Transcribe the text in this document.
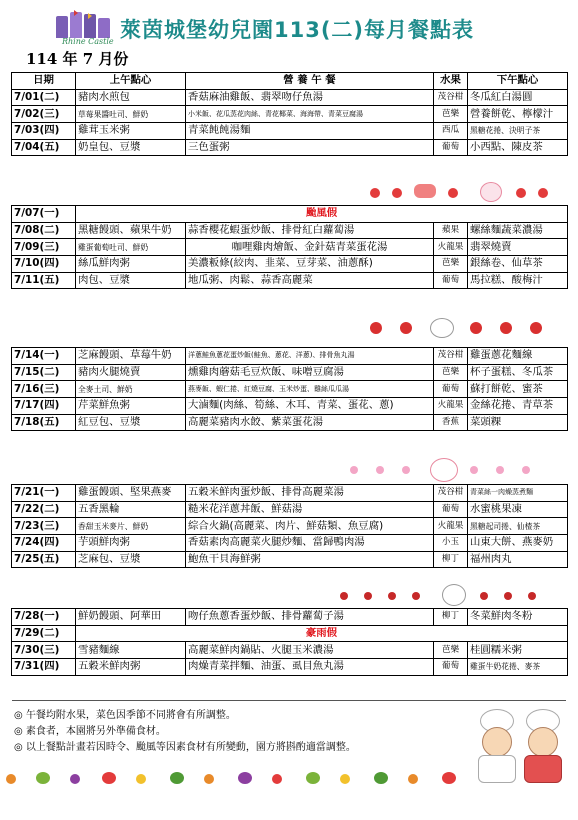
Rhine Castle 萊茵城堡幼兒園113(二)每月餐點表
114 年 7 月份
日期	上午點心	營 養 午 餐	水果	下午點心
7/01(二)	豬肉水煎包	香菇麻油雞飯、翡翠吻仔魚湯	茂谷柑	冬瓜紅白湯圓
7/02(三)	草莓果醬吐司、鮮奶	小米飯、花瓜蒸花肉絲、青花椰菜、海海帶、青菜豆腐湯	芭樂	營養餅乾、檸檬汁
7/03(四)	雞茸玉米粥	青菜飩飩湯麵	西瓜	黑糖花捲、決明子茶
7/04(五)	奶皇包、豆漿	三色蛋粥	葡萄	小西點、陳皮茶
7/07(一)	颱風假			
7/08(二)	黑糖饅頭、蘋果牛奶	蒜香櫻花蝦蛋炒飯、排骨紅白蘿蔔湯	蘋果	螺絲麵蔬菜濃湯
7/09(三)	雞蛋葡萄吐司、鮮奶	咖哩雞肉燴飯、金針菇青菜蛋花湯	火龍果	翡翠燒賣
7/10(四)	絲瓜鮮肉粥	美濃粄條(絞肉、韭菜、豆芽菜、油蔥酥)	芭樂	銀絲卷、仙草茶
7/11(五)	肉包、豆漿	地瓜粥、肉鬆、蒜香高麗菜	葡萄	馬拉糕、酸梅汁
7/14(一)	芝麻饅頭、草莓牛奶	洋蔥鮭魚蔥花蛋炒飯(鮭魚、蔥花、洋蔥)、排骨魚丸湯	茂谷柑	雞蛋蔥花麵線
7/15(二)	豬肉火腿燒賣	燻雞肉蘑菇毛豆炊飯、味噌豆腐湯	芭樂	杯子蛋糕、冬瓜茶
7/16(三)	全麥土司、鮮奶	燕麥飯、蝦仁捲、紅燒豆腐、玉米炒蛋、雞絲瓜瓜湯	葡萄	蘇打餅乾、蜜茶
7/17(四)	芹菜鮮魚粥	大滷麵(肉絲、筍絲、木耳、青菜、蛋花、蔥)	火龍果	金絲花捲、青草茶
7/18(五)	紅豆包、豆漿	高麗菜豬肉水餃、紫菜蛋花湯	香蕉	菜頭粿
7/21(一)	雞蛋饅頭、堅果燕麥	五穀米鮮肉蛋炒飯、排骨高麗菜湯	茂谷柑	青菜絲一肉燥蒸煮麵
7/22(二)	五香黑輪	糙米花洋蔥丼飯、鮮菇湯	葡萄	水蜜桃果凍
7/23(三)	香甜玉米麥片、鮮奶	綜合火鍋(高麗菜、肉片、鮮菇類、魚豆腐)	火龍果	黑糖起司捲、仙楂茶
7/24(四)	芋頭鮮肉粥	香菇素肉高麗菜火腿炒麵、當歸鴨肉湯	小玉	山東大餅、燕麥奶
7/25(五)	芝麻包、豆漿	鮑魚干貝海鮮粥	柳丁	福州肉丸
7/28(一)	鮮奶饅頭、阿華田	吻仔魚蔥香蛋炒飯、排骨蘿蔔子湯	柳丁	冬菜鮮肉冬粉
7/29(二)	豪雨假			
7/30(三)	雪豬麵線	高麗菜鮮肉鍋貼、火腿玉米濃湯	芭樂	桂圓糯米粥
7/31(四)	五穀米鮮肉粥	肉燥青菜拌麵、油蛋、虱目魚丸湯	葡萄	雞蛋牛奶花捲、麥茶
◎ 午餐均附水果，菜色因季節不同將會有所調整。
◎ 素食者，本園將另外準備食材。
◎ 以上餐點計畫若因時令、颱風等因素食材有所變動，園方將斟酌適當調整。
